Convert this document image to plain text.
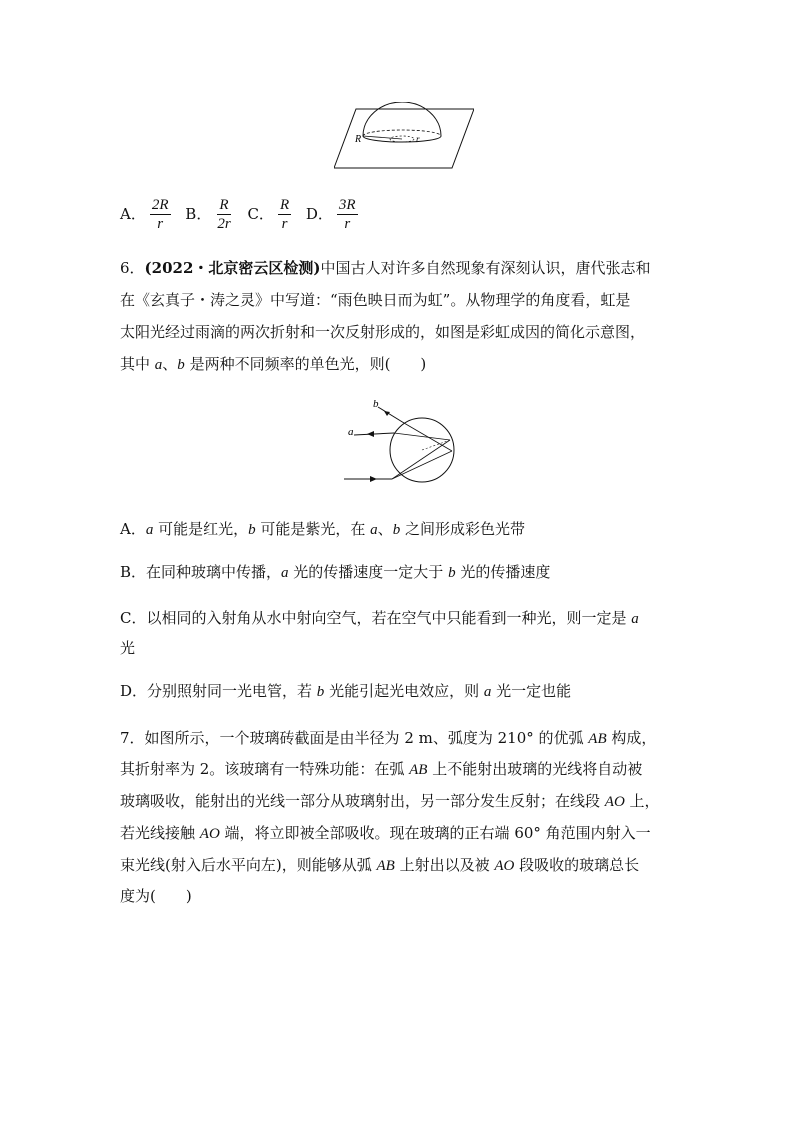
R	r
A． $\frac{2R}{r}$
B． $\frac{R}{2r}$
C． $\frac{R}{r}$
D． $\frac{3R}{r}$
6．(2022・北京密云区检测)中国古人对许多自然现象有深刻认识，唐代张志和
在《玄真子・涛之灵》中写道：“雨色映日而为虹”。从物理学的角度看，虹是
太阳光经过雨滴的两次折射和一次反射形成的，如图是彩虹成因的简化示意图，
其中 a、b 是两种不同频率的单色光，则(　　)
a
b
A．a 可能是红光，b 可能是紫光，在 a、b 之间形成彩色光带
B．在同种玻璃中传播，a 光的传播速度一定大于 b 光的传播速度
C．以相同的入射角从水中射向空气，若在空气中只能看到一种光，则一定是 a
光
D．分别照射同一光电管，若 b 光能引起光电效应，则 a 光一定也能
7．如图所示，一个玻璃砖截面是由半径为 2 m、弧度为 210° 的优弧 AB 构成，
其折射率为 2。该玻璃有一特殊功能：在弧 AB 上不能射出玻璃的光线将自动被
玻璃吸收，能射出的光线一部分从玻璃射出，另一部分发生反射；在线段 AO 上，
若光线接触 AO 端，将立即被全部吸收。现在玻璃的正右端 60° 角范围内射入一
束光线(射入后水平向左)，则能够从弧 AB 上射出以及被 AO 段吸收的玻璃总长
度为(　　)
